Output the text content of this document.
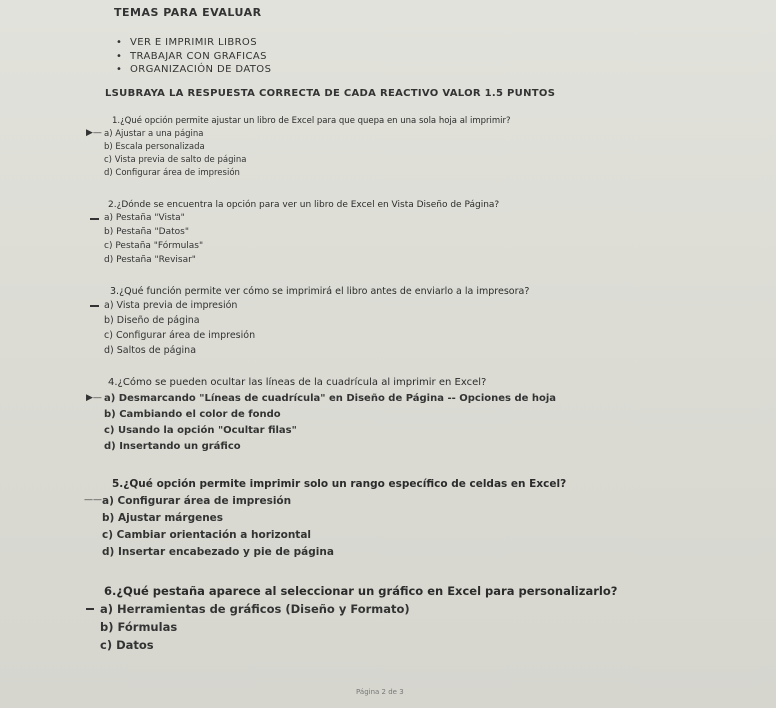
TEMAS PARA EVALUAR
• VER E IMPRIMIR LIBROS
• TRABAJAR CON GRAFICAS
• ORGANIZACIÓN DE DATOS
LSUBRAYA LA RESPUESTA CORRECTA DE CADA REACTIVO VALOR 1.5 PUNTOS
1.¿Qué opción permite ajustar un libro de Excel para que quepa en una sola hoja al imprimir?
▶— a) Ajustar a una página
b) Escala personalizada
c) Vista previa de salto de página
d) Configurar área de impresión
2.¿Dónde se encuentra la opción para ver un libro de Excel en Vista Diseño de Página?
a) Pestaña "Vista"
b) Pestaña "Datos"
c) Pestaña "Fórmulas"
d) Pestaña "Revisar"
3.¿Qué función permite ver cómo se imprimirá el libro antes de enviarlo a la impresora?
a) Vista previa de impresión
b) Diseño de página
c) Configurar área de impresión
d) Saltos de página
4.¿Cómo se pueden ocultar las líneas de la cuadrícula al imprimir en Excel?
▶— a) Desmarcando "Líneas de cuadrícula" en Diseño de Página -- Opciones de hoja
b) Cambiando el color de fondo
c) Usando la opción "Ocultar filas"
d) Insertando un gráfico
5.¿Qué opción permite imprimir solo un rango específico de celdas en Excel?
—— a) Configurar área de impresión
b) Ajustar márgenes
c) Cambiar orientación a horizontal
d) Insertar encabezado y pie de página
6.¿Qué pestaña aparece al seleccionar un gráfico en Excel para personalizarlo?
a) Herramientas de gráficos (Diseño y Formato)
b) Fórmulas
c) Datos
Página 2 de 3
